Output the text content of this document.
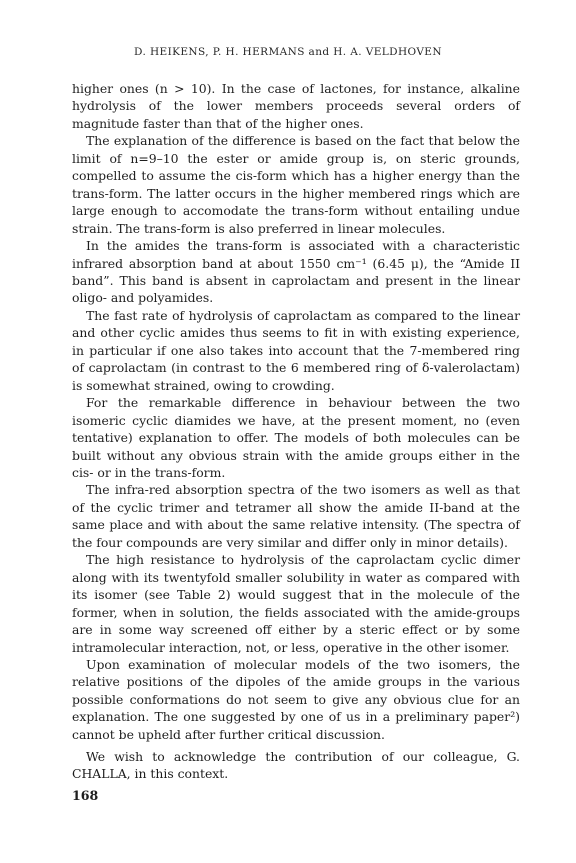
D. HEIKENS, P. H. HERMANS and H. A. VELDHOVEN

higher ones (n > 10). In the case of lactones, for instance, alkaline hydrolysis of the lower members proceeds several orders of magnitude faster than that of the higher ones.

The explanation of the difference is based on the fact that below the limit of n=9–10 the ester or amide group is, on steric grounds, compelled to assume the cis-form which has a higher energy than the trans-form. The latter occurs in the higher membered rings which are large enough to accomodate the trans-form without entailing undue strain. The trans-form is also preferred in linear molecules.

In the amides the trans-form is associated with a characteristic infrared absorption band at about 1550 cm⁻¹ (6.45 μ), the “Amide II band”. This band is absent in caprolactam and present in the linear oligo- and polyamides.

The fast rate of hydrolysis of caprolactam as compared to the linear and other cyclic amides thus seems to fit in with existing experience, in particular if one also takes into account that the 7-membered ring of caprolactam (in contrast to the 6 membered ring of δ-valerolactam) is somewhat strained, owing to crowding.

For the remarkable difference in behaviour between the two isomeric cyclic diamides we have, at the present moment, no (even tentative) explanation to offer. The models of both molecules can be built without any obvious strain with the amide groups either in the cis- or in the trans-form.

The infra-red absorption spectra of the two isomers as well as that of the cyclic trimer and tetramer all show the amide II-band at the same place and with about the same relative intensity. (The spectra of the four compounds are very similar and differ only in minor details).

The high resistance to hydrolysis of the caprolactam cyclic dimer along with its twentyfold smaller solubility in water as compared with its isomer (see Table 2) would suggest that in the molecule of the former, when in solution, the fields associated with the amide-groups are in some way screened off either by a steric effect or by some intramolecular interaction, not, or less, operative in the other isomer.

Upon examination of molecular models of the two isomers, the relative positions of the dipoles of the amide groups in the various possible conformations do not seem to give any obvious clue for an explanation. The one suggested by one of us in a preliminary paper²) cannot be upheld after further critical discussion.

We wish to acknowledge the contribution of our colleague, G. CHALLA, in this context.

168
